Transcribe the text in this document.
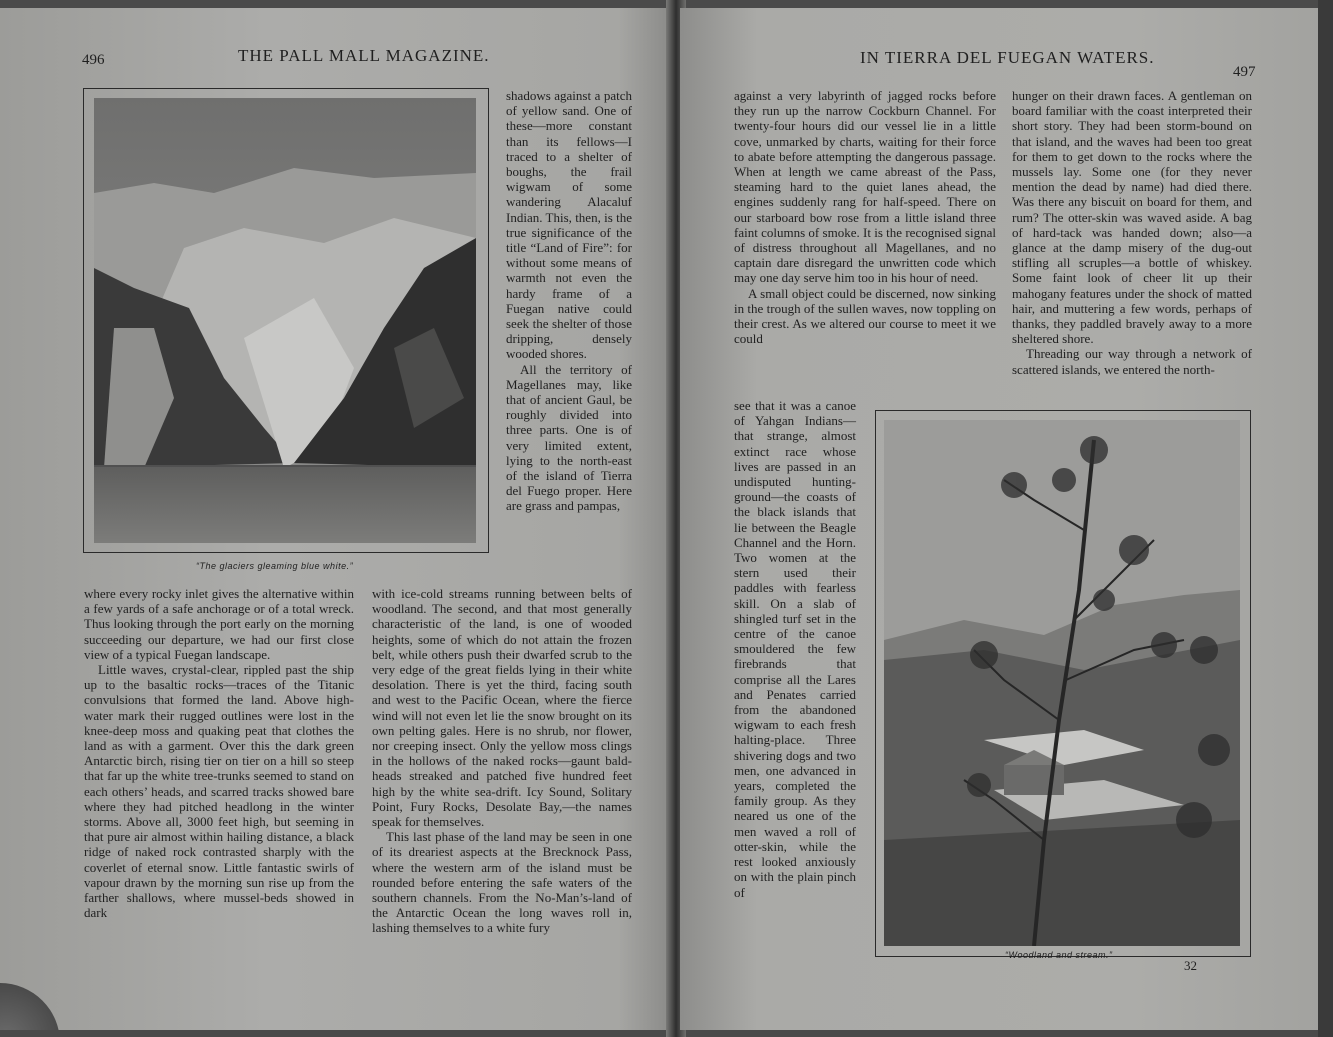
496	THE PALL MALL MAGAZINE.
“The glaciers gleaming blue white.”

shadows against a patch of yellow sand. One of these—more constant than its fellows—I traced to a shelter of boughs, the frail wigwam of some wandering Alacaluf Indian. This, then, is the true significance of the title “Land of Fire”: for without some means of warmth not even the hardy frame of a Fuegan native could seek the shelter of those dripping, densely wooded shores.

All the territory of Magellanes may, like that of ancient Gaul, be roughly divided into three parts. One is of very limited extent, lying to the north-east of the island of Tierra del Fuego proper. Here are grass and pampas,

where every rocky inlet gives the alternative within a few yards of a safe anchorage or of a total wreck. Thus looking through the port early on the morning succeeding our departure, we had our first close view of a typical Fuegan landscape.

Little waves, crystal-clear, rippled past the ship up to the basaltic rocks—traces of the Titanic convulsions that formed the land. Above high-water mark their rugged outlines were lost in the knee-deep moss and quaking peat that clothes the land as with a garment. Over this the dark green Antarctic birch, rising tier on tier on a hill so steep that far up the white tree-trunks seemed to stand on each others’ heads, and scarred tracks showed bare where they had pitched headlong in the winter storms. Above all, 3000 feet high, but seeming in that pure air almost within hailing distance, a black ridge of naked rock contrasted sharply with the coverlet of eternal snow. Little fantastic swirls of vapour drawn by the morning sun rise up from the farther shallows, where mussel-beds showed in dark

with ice-cold streams running between belts of woodland. The second, and that most generally characteristic of the land, is one of wooded heights, some of which do not attain the frozen belt, while others push their dwarfed scrub to the very edge of the great fields lying in their white desolation. There is yet the third, facing south and west to the Pacific Ocean, where the fierce wind will not even let lie the snow brought on its own pelting gales. Here is no shrub, nor flower, nor creeping insect. Only the yellow moss clings in the hollows of the naked rocks—gaunt bald-heads streaked and patched five hundred feet high by the white sea-drift. Icy Sound, Solitary Point, Fury Rocks, Desolate Bay,—the names speak for themselves.

This last phase of the land may be seen in one of its dreariest aspects at the Brecknock Pass, where the western arm of the island must be rounded before entering the safe waters of the southern channels. From the No-Man’s-land of the Antarctic Ocean the long waves roll in, lashing themselves to a white fury

IN TIERRA DEL FUEGAN WATERS.
497

against a very labyrinth of jagged rocks before they run up the narrow Cockburn Channel. For twenty-four hours did our vessel lie in a little cove, unmarked by charts, waiting for their force to abate before attempting the dangerous passage. When at length we came abreast of the Pass, steaming hard to the quiet lanes ahead, the engines suddenly rang for half-speed. There on our starboard bow rose from a little island three faint columns of smoke. It is the recognised signal of distress throughout all Magellanes, and no captain dare disregard the unwritten code which may one day serve him too in his hour of need.

A small object could be discerned, now sinking in the trough of the sullen waves, now toppling on their crest. As we altered our course to meet it we could

see that it was a canoe of Yahgan Indians—that strange, almost extinct race whose lives are passed in an undisputed hunting-ground—the coasts of the black islands that lie between the Beagle Channel and the Horn. Two women at the stern used their paddles with fearless skill. On a slab of shingled turf set in the centre of the canoe smouldered the few firebrands that comprise all the Lares and Penates carried from the abandoned wigwam to each fresh halting-place. Three shivering dogs and two men, one advanced in years, completed the family group. As they neared us one of the men waved a roll of otter-skin, while the rest looked anxiously on with the plain pinch of

hunger on their drawn faces. A gentleman on board familiar with the coast interpreted their short story. They had been storm-bound on that island, and the waves had been too great for them to get down to the rocks where the mussels lay. Some one (for they never mention the dead by name) had died there. Was there any biscuit on board for them, and rum? The otter-skin was waved aside. A bag of hard-tack was handed down; also—a glance at the damp misery of the dug-out stifling all scruples—a bottle of whiskey. Some faint look of cheer lit up their mahogany features under the shock of matted hair, and muttering a few words, perhaps of thanks, they paddled bravely away to a more sheltered shore.

Threading our way through a network of scattered islands, we entered the north-

“Woodland and stream.”
32
